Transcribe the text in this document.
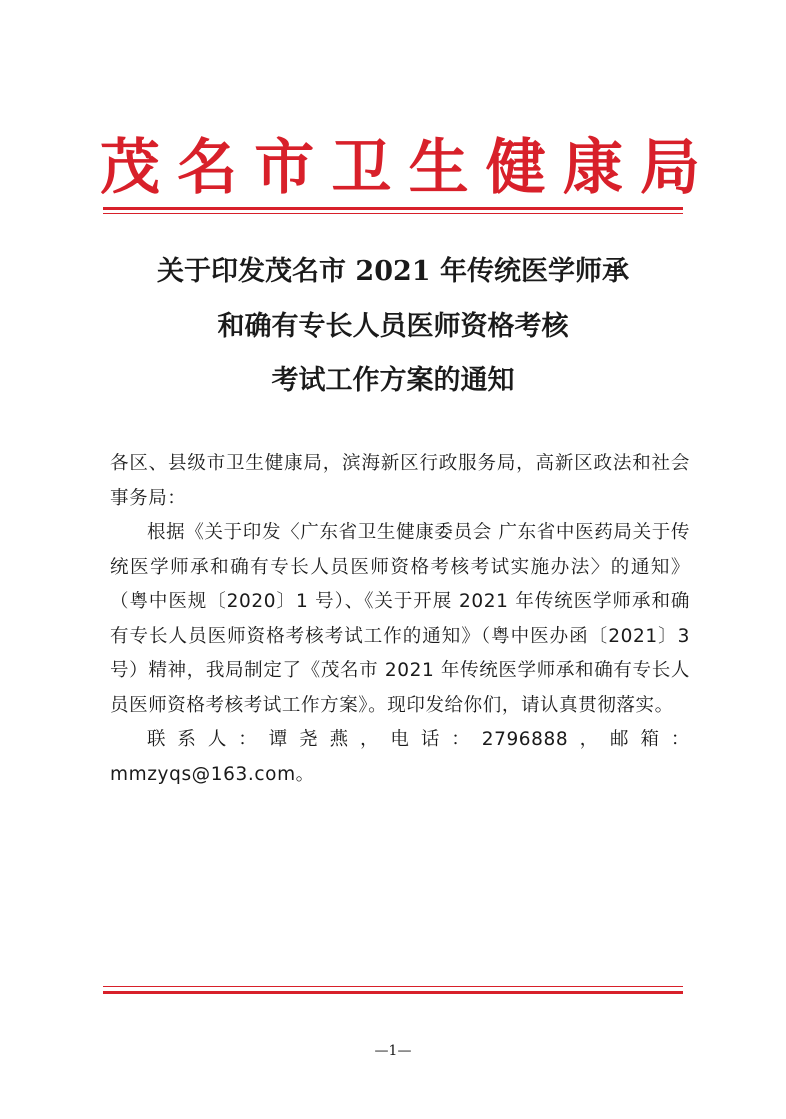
茂 名 市 卫 生 健 康 局
关于印发茂名市 2021 年传统医学师承
和确有专长人员医师资格考核
考试工作方案的通知

各区、县级市卫生健康局，滨海新区行政服务局，高新区政法和社会事务局：

根据《关于印发〈广东省卫生健康委员会 广东省中医药局关于传统医学师承和确有专长人员医师资格考核考试实施办法〉的通知》（粤中医规〔2020〕1 号）、《关于开展 2021 年传统医学师承和确有专长人员医师资格考核考试工作的通知》（粤中医办函〔2021〕3 号）精神，我局制定了《茂名市 2021 年传统医学师承和确有专长人员医师资格考核考试工作方案》。现印发给你们，请认真贯彻落实。

联系人：谭尧燕，电话：2796888，邮箱：mmzyqs@163.com。

—1—
